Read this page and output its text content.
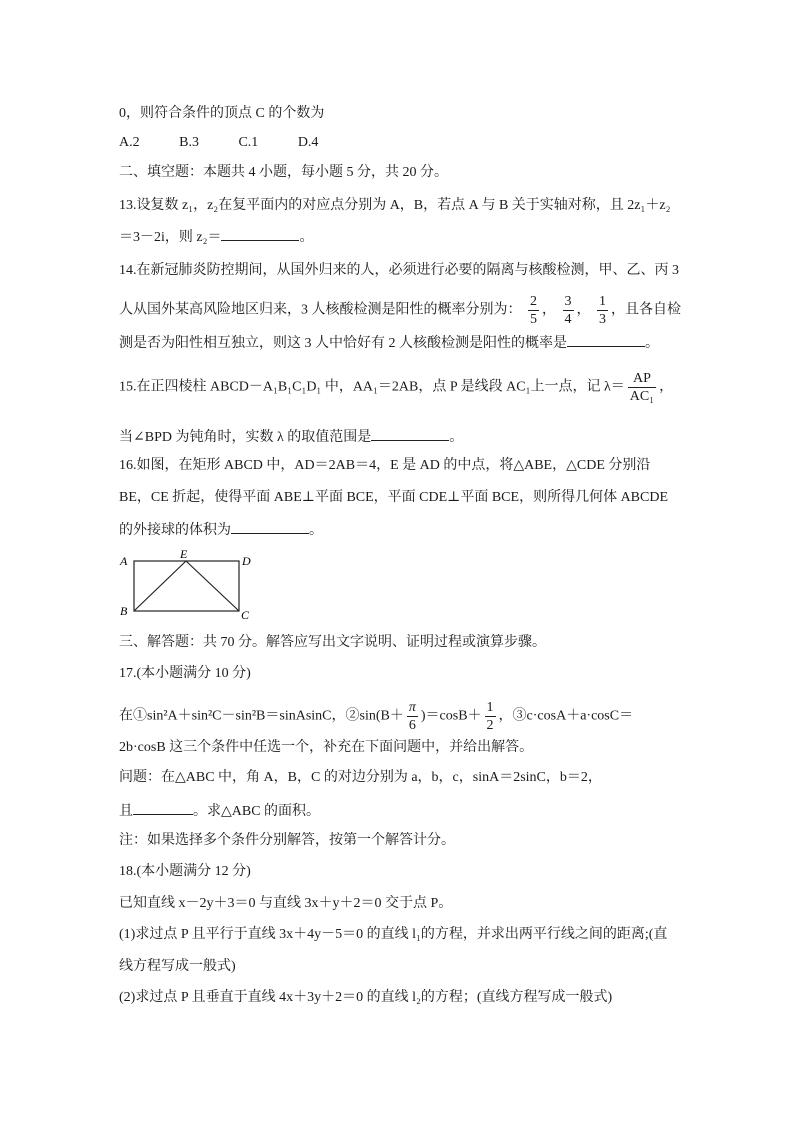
0，则符合条件的顶点 C 的个数为
A.2	B.3	C.1	D.4
二、填空题：本题共 4 小题，每小题 5 分，共 20 分。
13.设复数 z₁，z₂在复平面内的对应点分别为 A，B，若点 A 与 B 关于实轴对称，且 2z₁＋z₂
＝3－2i，则 z₂＝	。
14.在新冠肺炎防控期间，从国外归来的人，必须进行必要的隔离与核酸检测，甲、乙、丙 3
人从国外某高风险地区归来，3 人核酸检测是阳性的概率分别为： $\frac{2}{5}$ ， $\frac{3}{4}$ ， $\frac{1}{3}$ ，且各自检
测是否为阳性相互独立，则这 3 人中恰好有 2 人核酸检测是阳性的概率是	。
15.在正四棱柱 ABCD－A₁B₁C₁D₁ 中，AA₁＝2AB，点 P 是线段 AC₁上一点，记 $\lambda= \frac{AP}{\text{AC₁}}$ ，
当∠BPD 为钝角时，实数 λ 的取值范围是	。
16.如图，在矩形 ABCD 中，AD＝2AB＝4，E 是 AD 的中点，将△ABE，△CDE 分别沿
BE，CE 折起，使得平面 ABE⊥平面 BCE，平面 CDE⊥平面 BCE，则所得几何体 ABCDE
的外接球的体积为	。
A	E	D
B	C
三、解答题：共 70 分。解答应写出文字说明、证明过程或演算步骤。
17.(本小题满分 10 分)
在①sin²A＋sin²C－sin²B＝sinAsinC，②sin(B＋ $\frac{\pi}{6} )=\cos B+ \frac{1}{2}$ ，③c·cosA＋a·cosC＝
2b·cosB 这三个条件中任选一个，补充在下面问题中，并给出解答。
问题：在△ABC 中，角 A，B，C 的对边分别为 a，b，c，sinA＝2sinC，b＝2，
且	。求△ABC 的面积。
注：如果选择多个条件分别解答，按第一个解答计分。
18.(本小题满分 12 分)
已知直线 x－2y＋3＝0 与直线 3x＋y＋2＝0 交于点 P。
(1)求过点 P 且平行于直线 3x＋4y－5＝0 的直线 l₁的方程，并求出两平行线之间的距离;(直
线方程写成一般式)
(2)求过点 P 且垂直于直线 4x＋3y＋2＝0 的直线 l₂的方程；(直线方程写成一般式)
